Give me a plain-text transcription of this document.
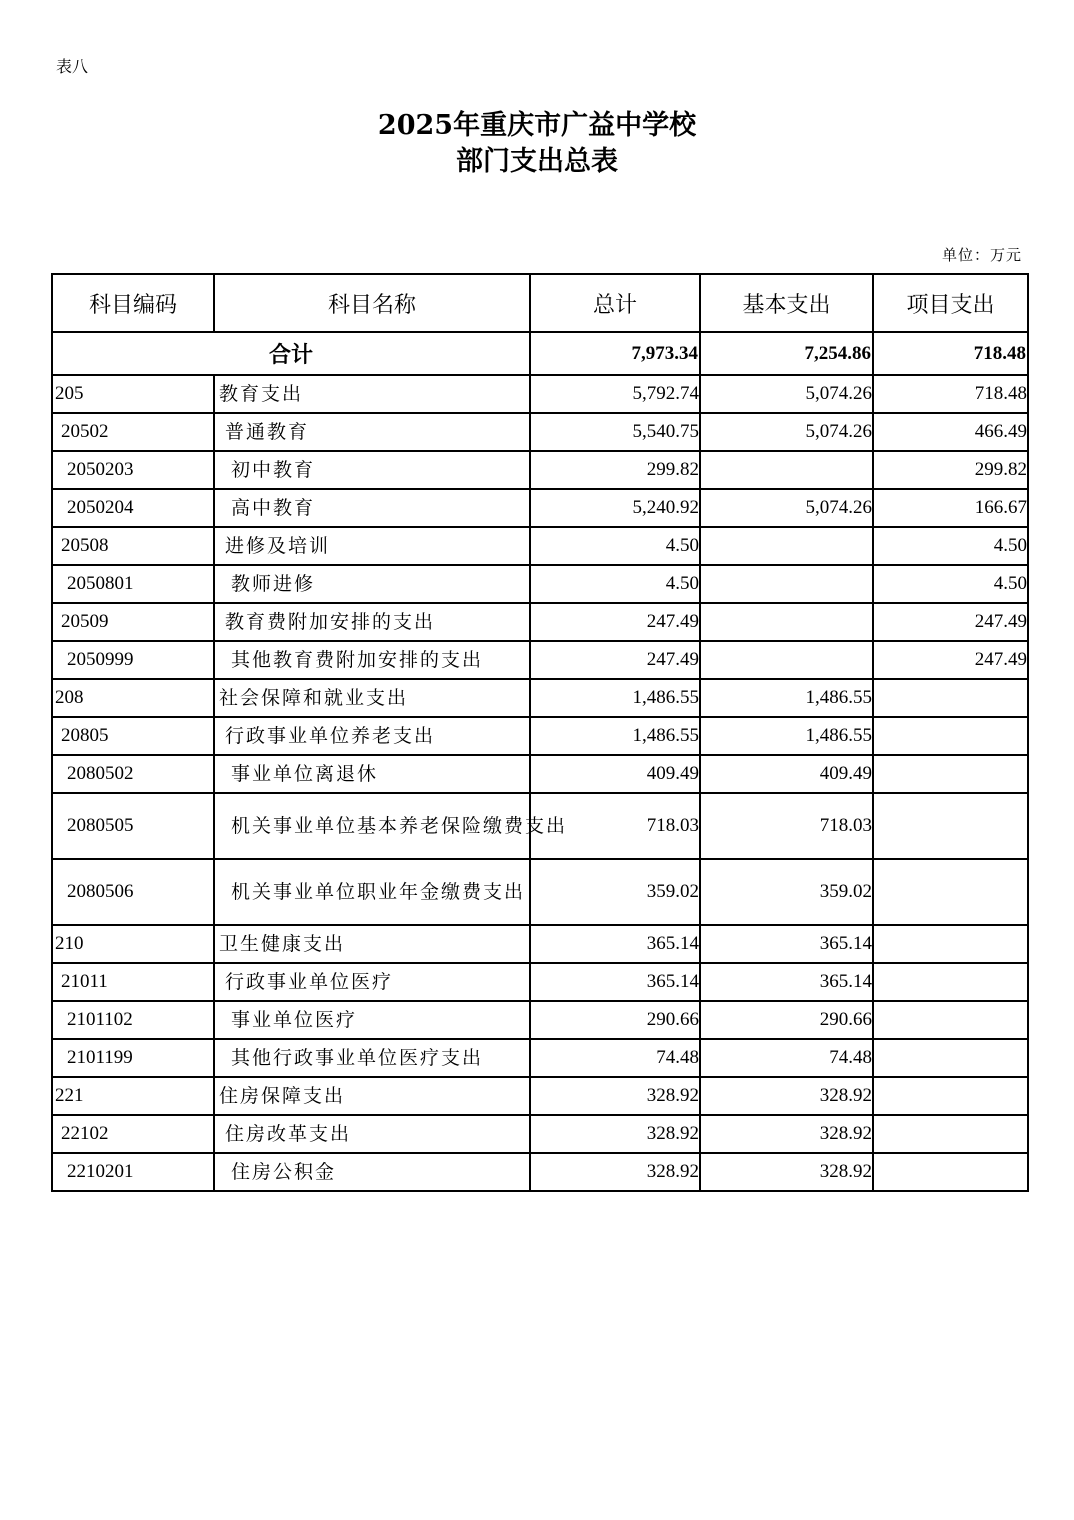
表八
2025年重庆市广益中学校
部门支出总表
单位：万元
科目编码	科目名称	总计	基本支出	项目支出
合计		7,973.34	7,254.86	718.48
205	教育支出	5,792.74	5,074.26	718.48
20502	普通教育	5,540.75	5,074.26	466.49
2050203	初中教育	299.82		299.82
2050204	高中教育	5,240.92	5,074.26	166.67
20508	进修及培训	4.50		4.50
2050801	教师进修	4.50		4.50
20509	教育费附加安排的支出	247.49		247.49
2050999	其他教育费附加安排的支出	247.49		247.49
208	社会保障和就业支出	1,486.55	1,486.55	
20805	行政事业单位养老支出	1,486.55	1,486.55	
2080502	事业单位离退休	409.49	409.49	
2080505	机关事业单位基本养老保险缴费支出	718.03	718.03	
2080506	机关事业单位职业年金缴费支出	359.02	359.02	
210	卫生健康支出	365.14	365.14	
21011	行政事业单位医疗	365.14	365.14	
2101102	事业单位医疗	290.66	290.66	
2101199	其他行政事业单位医疗支出	74.48	74.48	
221	住房保障支出	328.92	328.92	
22102	住房改革支出	328.92	328.92	
2210201	住房公积金	328.92	328.92	
